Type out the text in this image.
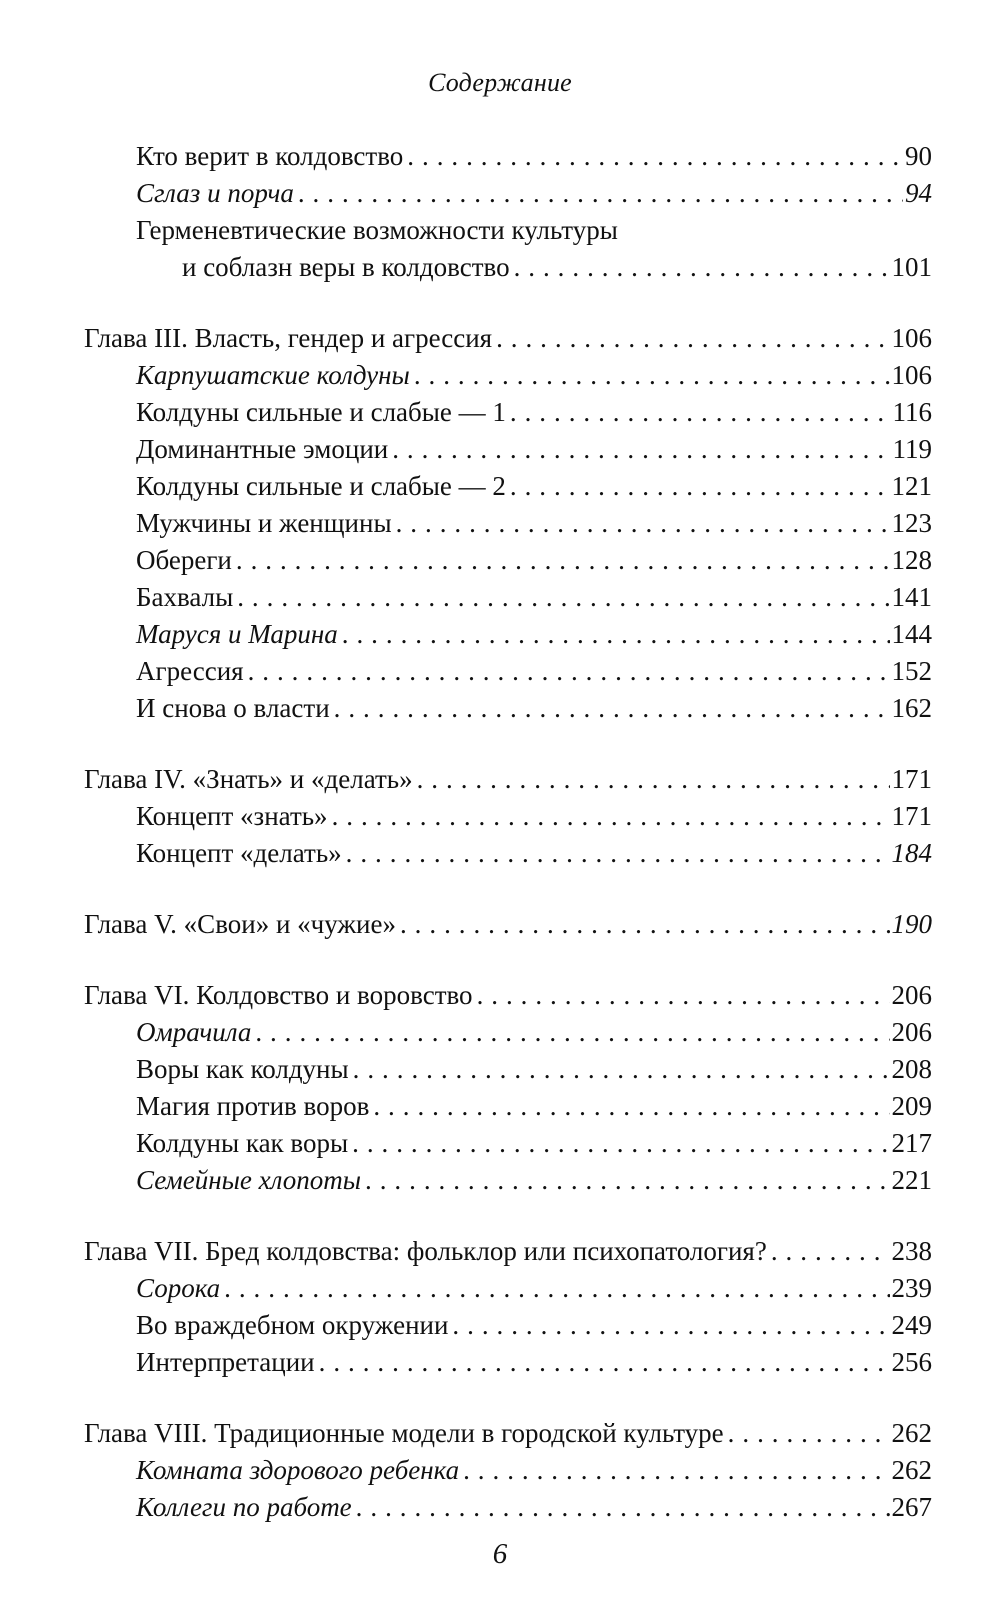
Содержание
Кто верит в колдовство . . .	90
Сглаз и порча . . .	94
Герменевтические возможности культуры
и соблазн веры в колдовство . . .	101
Глава III. Власть, гендер и агрессия . . .	106
Карпушатские колдуны . . .	106
Колдуны сильные и слабые — 1 . . .	116
Доминантные эмоции . . .	119
Колдуны сильные и слабые — 2 . . .	121
Мужчины и женщины . . .	123
Обереги . . .	128
Бахвалы . . .	141
Маруся и Марина . . .	144
Агрессия . . .	152
И снова о власти . . .	162
Глава IV. «Знать» и «делать» . . .	171
Концепт «знать» . . .	171
Концепт «делать» . . .	184
Глава V. «Свои» и «чужие» . . .	190
Глава VI. Колдовство и воровство . . .	206
Омрачила . . .	206
Воры как колдуны . . .	208
Магия против воров . . .	209
Колдуны как воры . . .	217
Семейные хлопоты . . .	221
Глава VII. Бред колдовства: фольклор или психопатология? . . .	238
Сорока . . .	239
Во враждебном окружении . . .	249
Интерпретации . . .	256
Глава VIII. Традиционные модели в городской культуре . . .	262
Комната здорового ребенка . . .	262
Коллеги по работе . . .	267
6
